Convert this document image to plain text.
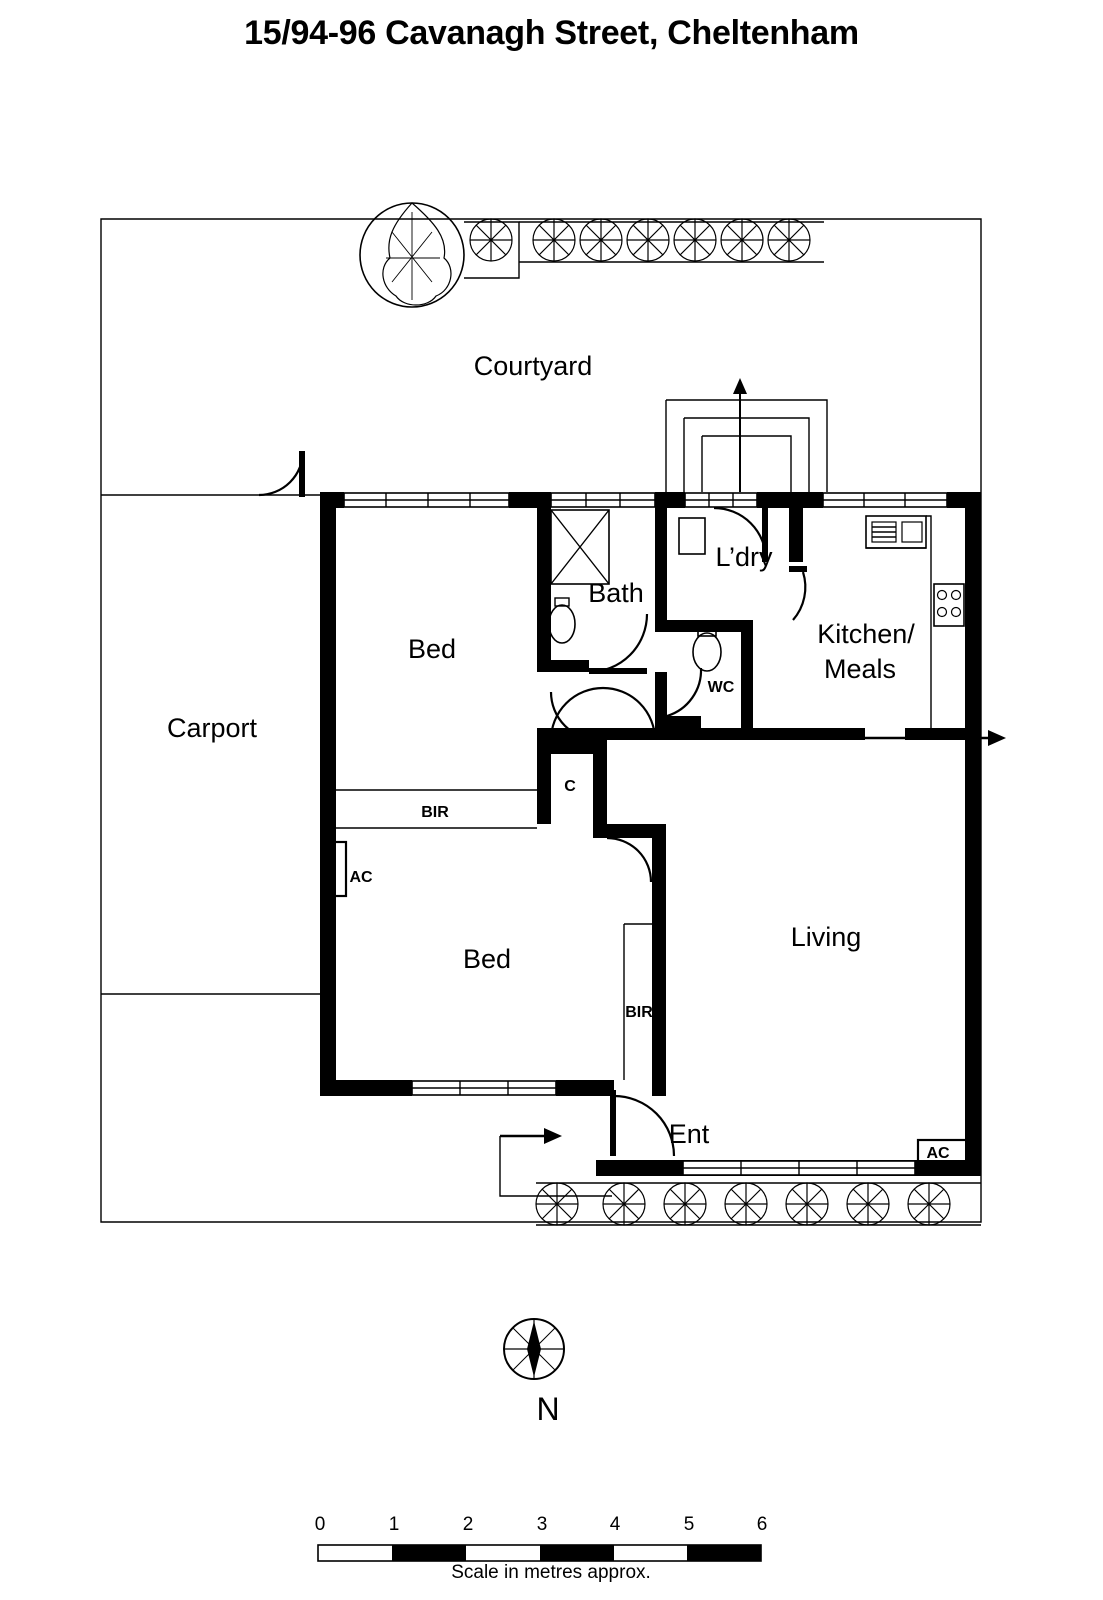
15/94-96 Cavanagh Street, Cheltenham
Courtyard
Carport
Bed
Bath
L’dry
Kitchen/
Meals
Bed
Living
Ent
WC
C
BIR
BIR
AC
AC
N
0	1	2	3	4	5	6
Scale in metres approx.
